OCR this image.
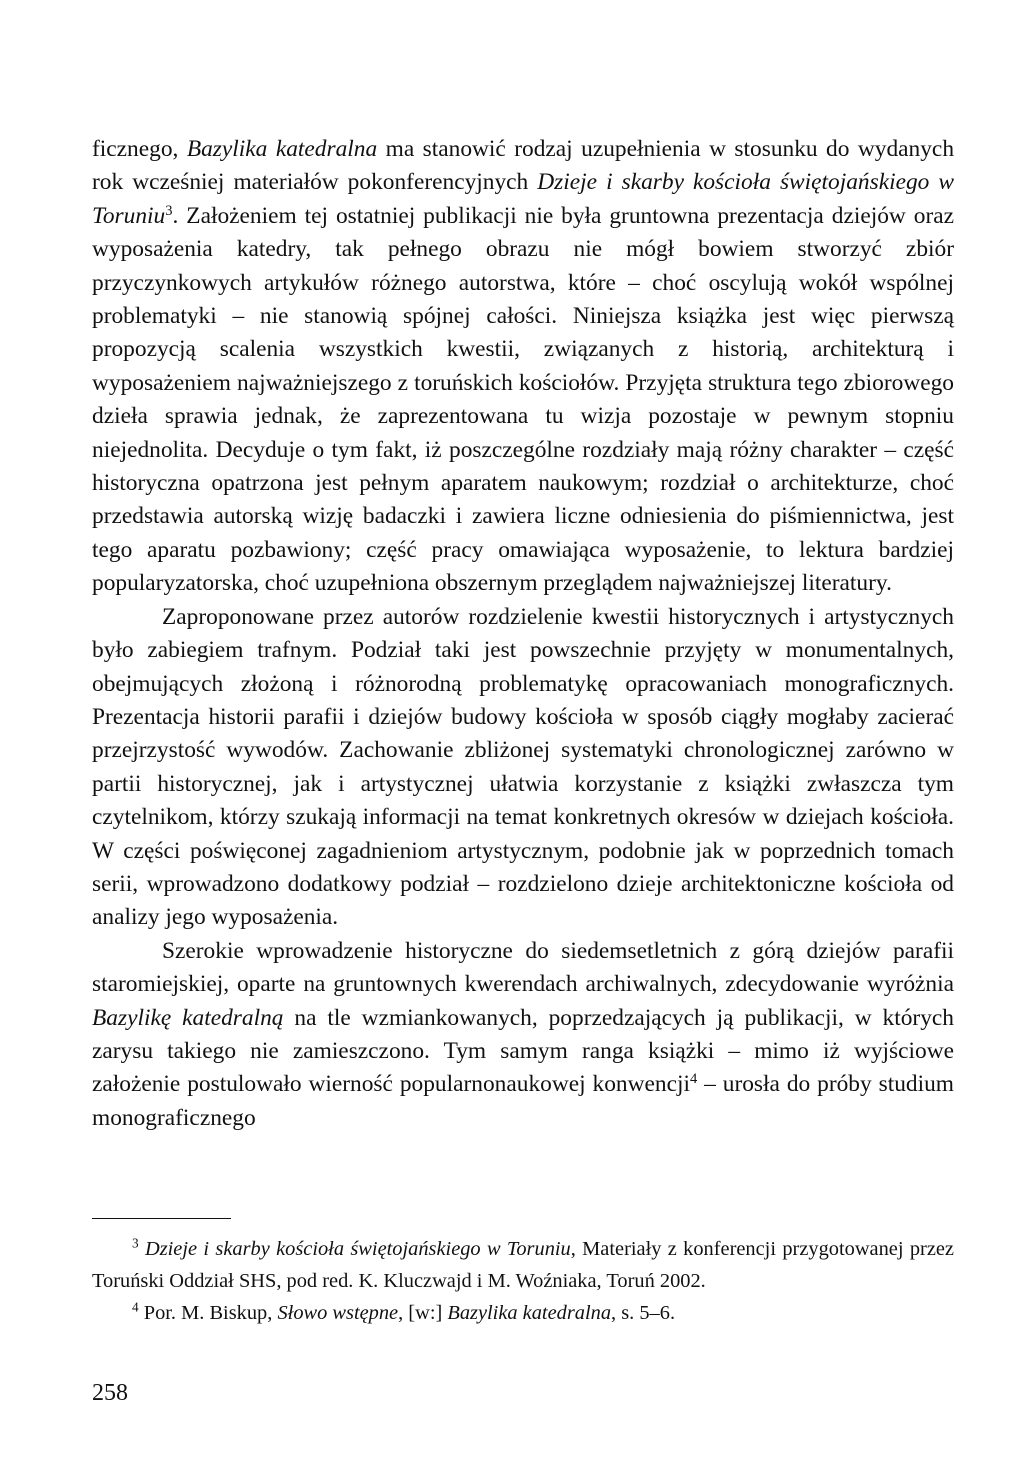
ficznego, Bazylika katedralna ma stanowić rodzaj uzupełnienia w stosunku do wydanych rok wcześniej materiałów pokonferencyjnych Dzieje i skarby kościoła świętojańskiego w Toruniu$^3$. Założeniem tej ostatniej publikacji nie była gruntowna prezentacja dziejów oraz wyposażenia katedry, tak pełnego obrazu nie mógł bowiem stworzyć zbiór przyczynkowych artykułów różnego autorstwa, które – choć oscylują wokół wspólnej problematyki – nie stanowią spójnej całości. Niniejsza książka jest więc pierwszą propozycją scalenia wszystkich kwestii, związanych z historią, architekturą i wyposażeniem najważniejszego z toruńskich kościołów. Przyjęta struktura tego zbiorowego dzieła sprawia jednak, że zaprezentowana tu wizja pozostaje w pewnym stopniu niejednolita. Decyduje o tym fakt, iż poszczególne rozdziały mają różny charakter – część historyczna opatrzona jest pełnym aparatem naukowym; rozdział o architekturze, choć przedstawia autorską wizję badaczki i zawiera liczne odniesienia do piśmiennictwa, jest tego aparatu pozbawiony; część pracy omawiająca wyposażenie, to lektura bardziej popularyzatorska, choć uzupełniona obszernym przeglądem najważniejszej literatury.

Zaproponowane przez autorów rozdzielenie kwestii historycznych i artystycznych było zabiegiem trafnym. Podział taki jest powszechnie przyjęty w monumentalnych, obejmujących złożoną i różnorodną problematykę opracowaniach monograficznych. Prezentacja historii parafii i dziejów budowy kościoła w sposób ciągły mogłaby zacierać przejrzystość wywodów. Zachowanie zbliżonej systematyki chronologicznej zarówno w partii historycznej, jak i artystycznej ułatwia korzystanie z książki zwłaszcza tym czytelnikom, którzy szukają informacji na temat konkretnych okresów w dziejach kościoła. W części poświęconej zagadnieniom artystycznym, podobnie jak w poprzednich tomach serii, wprowadzono dodatkowy podział – rozdzielono dzieje architektoniczne kościoła od analizy jego wyposażenia.

Szerokie wprowadzenie historyczne do siedemsetletnich z górą dziejów parafii staromiejskiej, oparte na gruntownych kwerendach archiwalnych, zdecydowanie wyróżnia Bazylikę katedralną na tle wzmiankowanych, poprzedzających ją publikacji, w których zarysu takiego nie zamieszczono. Tym samym ranga książki – mimo iż wyjściowe założenie postulowało wierność popularnonaukowej konwencji$^4$ – urosła do próby studium monograficznego

$^3$ Dzieje i skarby kościoła świętojańskiego w Toruniu, Materiały z konferencji przygotowanej przez Toruński Oddział SHS, pod red. K. Kluczwajd i M. Woźniaka, Toruń 2002.

$^4$ Por. M. Biskup, Słowo wstępne, [w:] Bazylika katedralna, s. 5–6.

258
